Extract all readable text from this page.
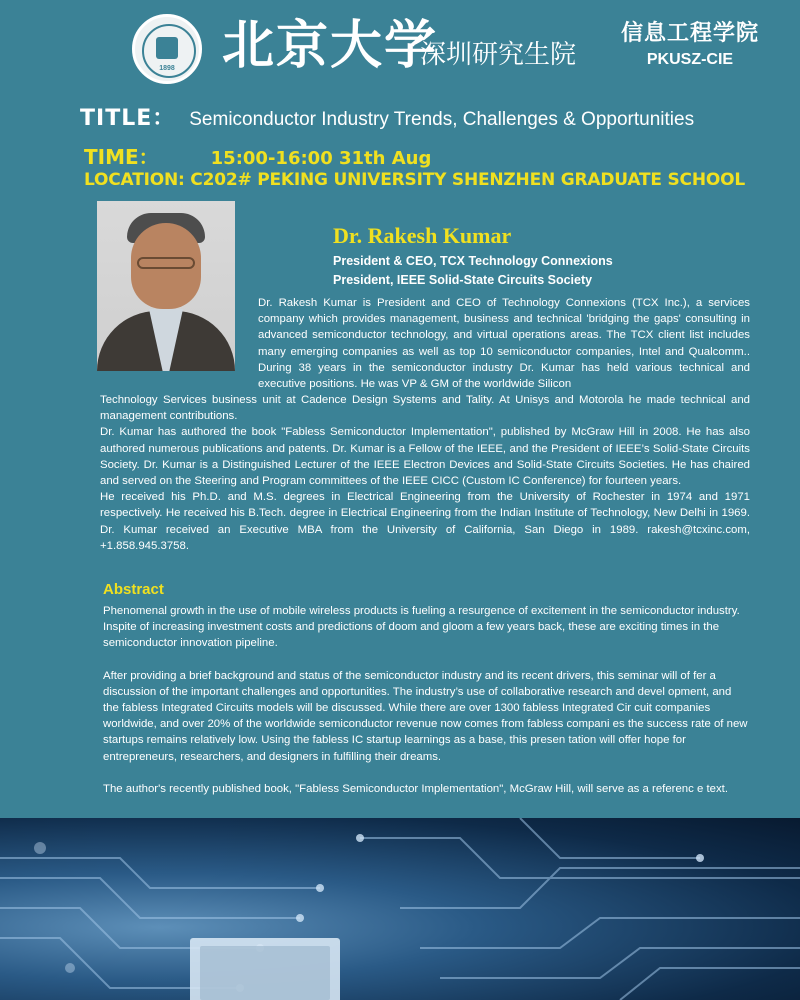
1898 北京大学
深圳研究生院
信息工程学院
PKUSZ-CIE
TITLE： Semiconductor Industry Trends, Challenges & Opportunities
TIME：	15:00-16:00 31th Aug
LOCATION: C202# PEKING UNIVERSITY SHENZHEN GRADUATE SCHOOL
Dr. Rakesh Kumar
President & CEO, TCX Technology Connexions
President, IEEE Solid-State Circuits Society

Dr. Rakesh Kumar is President and CEO of Technology Connexions (TCX Inc.), a services company which provides management, business and technical 'bridging the gaps' consulting in advanced semiconductor technology, and virtual operations areas. The TCX client list includes many emerging companies as well as top 10 semiconductor companies, Intel and Qualcomm.. During 38 years in the semiconductor industry Dr. Kumar has held various technical and executive positions. He was VP & GM of the worldwide Silicon

Technology Services business unit at Cadence Design Systems and Tality. At Unisys and Motorola he made technical and management contributions.

Dr. Kumar has authored the book "Fabless Semiconductor Implementation", published by McGraw Hill in 2008. He has also authored numerous publications and patents. Dr. Kumar is a Fellow of the IEEE, and the President of IEEE’s Solid-State Circuits Society. Dr. Kumar is a Distinguished Lecturer of the IEEE Electron Devices and Solid-State Circuits Societies. He has chaired and served on the Steering and Program committees of the IEEE CICC (Custom IC Conference) for fourteen years.

He received his Ph.D. and M.S. degrees in Electrical Engineering from the University of Rochester in 1974 and 1971 respectively. He received his B.Tech. degree in Electrical Engineering from the Indian Institute of Technology, New Delhi in 1969. Dr. Kumar received an Executive MBA from the University of California, San Diego in 1989. rakesh@tcxinc.com, +1.858.945.3758.

Abstract

Phenomenal growth in the use of mobile wireless products is fueling a resurgence of excitement in the semiconductor industry. Inspite of increasing investment costs and predictions of doom and gloom a few years back, these are exciting times in the semiconductor innovation pipeline.

After providing a brief background and status of the semiconductor industry and its recent drivers, this seminar will of fer a discussion of the important challenges and opportunities. The industry’s use of collaborative research and devel opment, and the fabless Integrated Circuits models will be discussed. While there are over 1300 fabless Integrated Cir cuit companies worldwide, and over 20% of the worldwide semiconductor revenue now comes from fabless compani es the success rate of new startups remains relatively low. Using the fabless IC startup learnings as a base, this presen tation will offer hope for entrepreneurs, researchers, and designers in fulfilling their dreams.

The author's recently published book, "Fabless Semiconductor Implementation", McGraw Hill, will serve as a referenc e text.
